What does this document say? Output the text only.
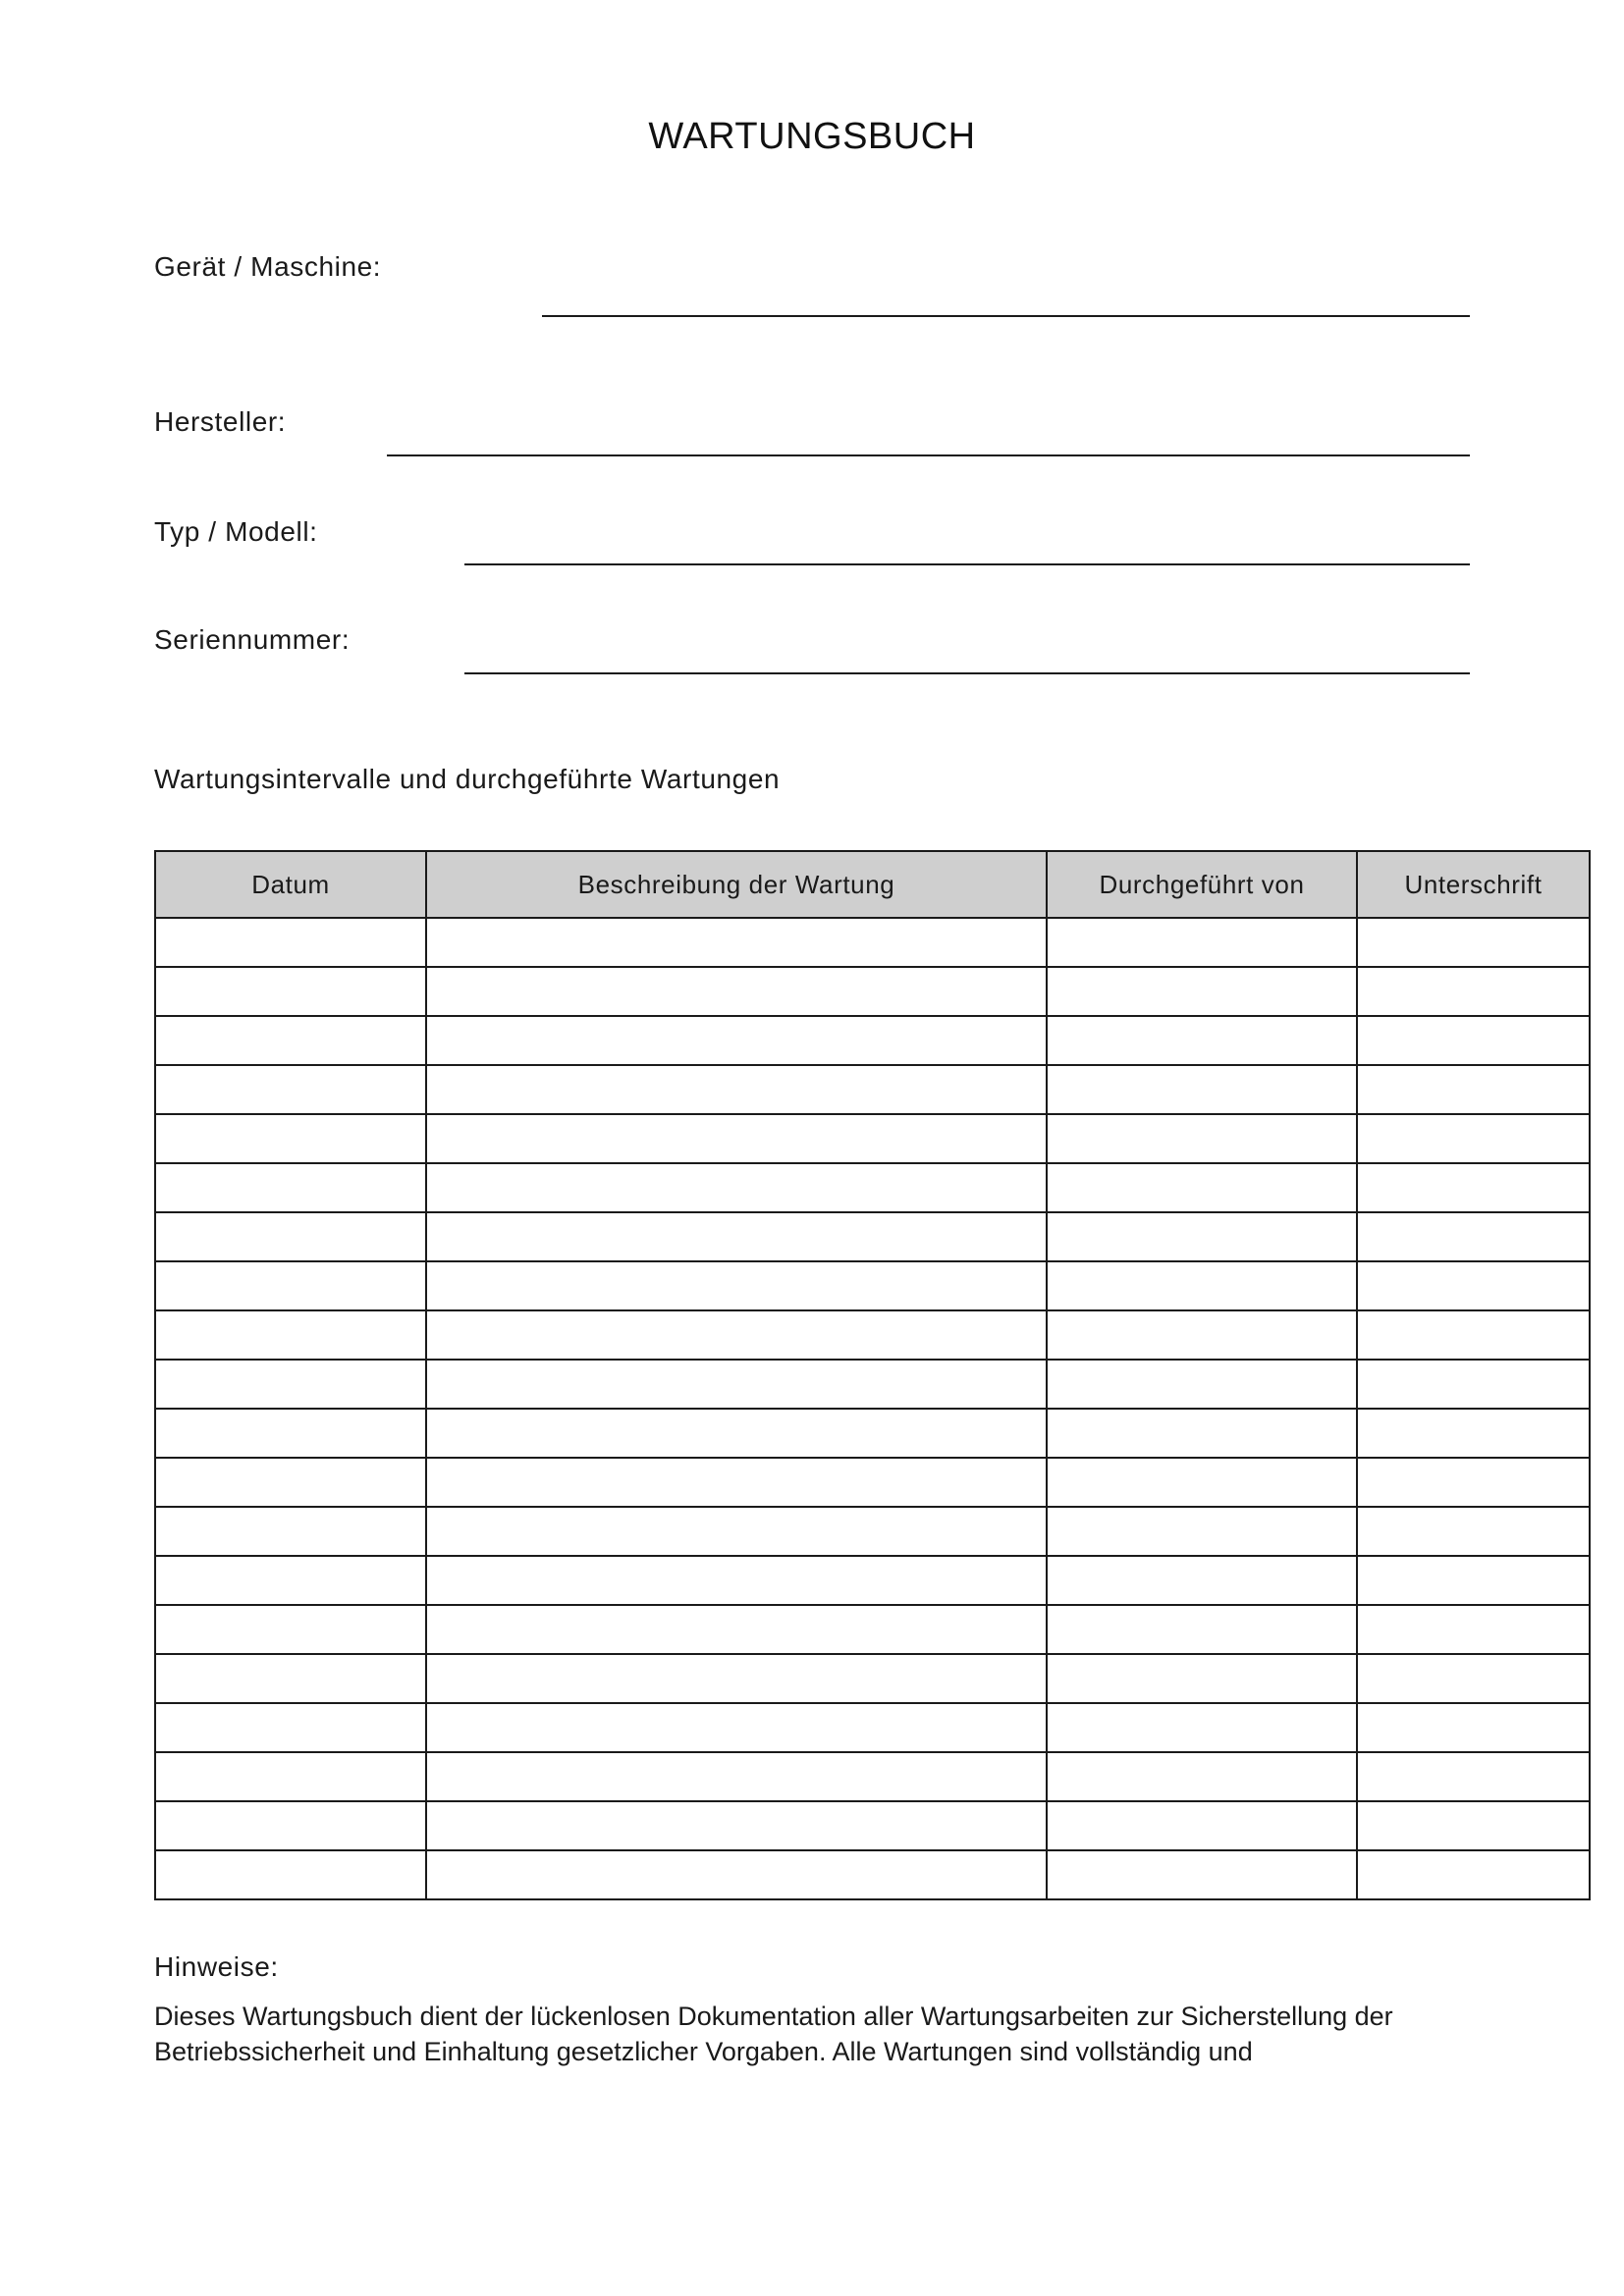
WARTUNGSBUCH
Gerät / Maschine:
Hersteller:
Typ / Modell:
Seriennummer:
Wartungsintervalle und durchgeführte Wartungen
Datum	Beschreibung der Wartung	Durchgeführt von	Unterschrift

Hinweise:
Dieses Wartungsbuch dient der lückenlosen Dokumentation aller Wartungsarbeiten zur Sicherstellung der
Betriebssicherheit und Einhaltung gesetzlicher Vorgaben. Alle Wartungen sind vollständig und
